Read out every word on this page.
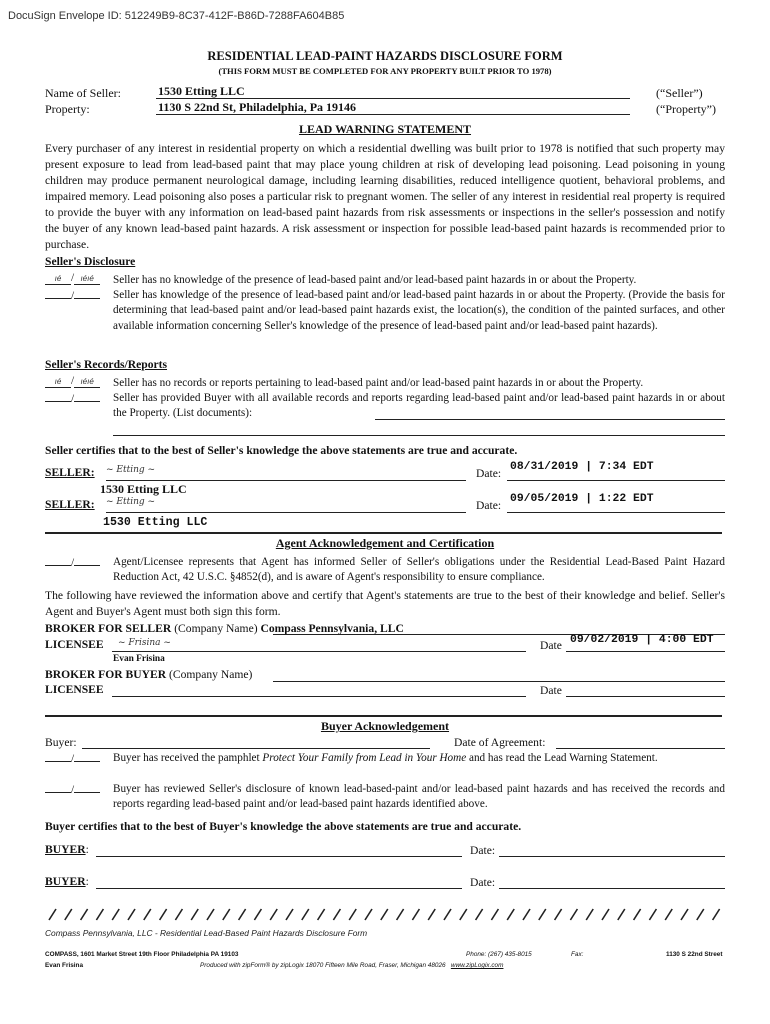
DocuSign Envelope ID: 512249B9-8C37-412F-B86D-7288FA604B85
RESIDENTIAL LEAD-PAINT HAZARDS DISCLOSURE FORM
(THIS FORM MUST BE COMPLETED FOR ANY PROPERTY BUILT PRIOR TO 1978)
Name of Seller:	1530 Etting LLC	(“Seller”)
Property:	1130 S 22nd St, Philadelphia, Pa 19146	(“Property”)
LEAD WARNING STATEMENT
Every purchaser of any interest in residential property on which a residential dwelling was built prior to 1978 is notified that such property may present exposure to lead from lead-based paint that may place young children at risk of developing lead poisoning. Lead poisoning in young children may produce permanent neurological damage, including learning disabilities, reduced intelligence quotient, behavioral problems, and impaired memory. Lead poisoning also poses a particular risk to pregnant women. The seller of any interest in residential real property is required to provide the buyer with any information on lead-based paint hazards from risk assessments or inspections in the seller's possession and notify the buyer of any known lead-based paint hazards. A risk assessment or inspection for possible lead-based paint hazards is recommended prior to purchase.
Seller's Disclosure
ıé / ıéıé	Seller has no knowledge of the presence of lead-based paint and/or lead-based paint hazards in or about the Property.
/	Seller has knowledge of the presence of lead-based paint and/or lead-based paint hazards in or about the Property. (Provide the basis for determining that lead-based paint and/or lead-based paint hazards exist, the location(s), the condition of the painted surfaces, and other available information concerning Seller's knowledge of the presence of lead-based paint and/or lead-based paint hazards).
Seller's Records/Reports
ıé / ıéıé	Seller has no records or reports pertaining to lead-based paint and/or lead-based paint hazards in or about the Property.
/	Seller has provided Buyer with all available records and reports regarding lead-based paint and/or lead-based paint hazards in or about the Property. (List documents):
Seller certifies that to the best of Seller's knowledge the above statements are true and accurate.
SELLER: ~ Etting ~	Date: 08/31/2019 | 7:34 EDT
1530 Etting LLC
SELLER: ~ Etting ~	Date: 09/05/2019 | 1:22 EDT
1530 Etting LLC
Agent Acknowledgement and Certification
/	Agent/Licensee represents that Agent has informed Seller of Seller's obligations under the Residential Lead-Based Paint Hazard Reduction Act, 42 U.S.C. §4852(d), and is aware of Agent's responsibility to ensure compliance.
The following have reviewed the information above and certify that Agent's statements are true to the best of their knowledge and belief. Seller's Agent and Buyer's Agent must both sign this form.
BROKER FOR SELLER (Company Name) Compass Pennsylvania, LLC
LICENSEE ~ Frisina ~	Date 09/02/2019 | 4:00 EDT
Evan Frisina
BROKER FOR BUYER (Company Name)
LICENSEE	Date
Buyer Acknowledgement
Buyer:	Date of Agreement:
/	Buyer has received the pamphlet Protect Your Family from Lead in Your Home and has read the Lead Warning Statement.
/	Buyer has reviewed Seller's disclosure of known lead-based-paint and/or lead-based paint hazards and has received the records and reports regarding lead-based paint and/or lead-based paint hazards identified above.
Buyer certifies that to the best of Buyer's knowledge the above statements are true and accurate.
BUYER:	Date:
BUYER:	Date:
Compass Pennsylvania, LLC - Residential Lead-Based Paint Hazards Disclosure Form
COMPASS, 1601 Market Street 19th Floor Philadelphia PA 19103	Phone: (267) 435-8015	Fax:	1130 S 22nd Street
Evan Frisina	Produced with zipForm® by zipLogix 18070 Fifteen Mile Road, Fraser, Michigan 48026 www.zipLogix.com
